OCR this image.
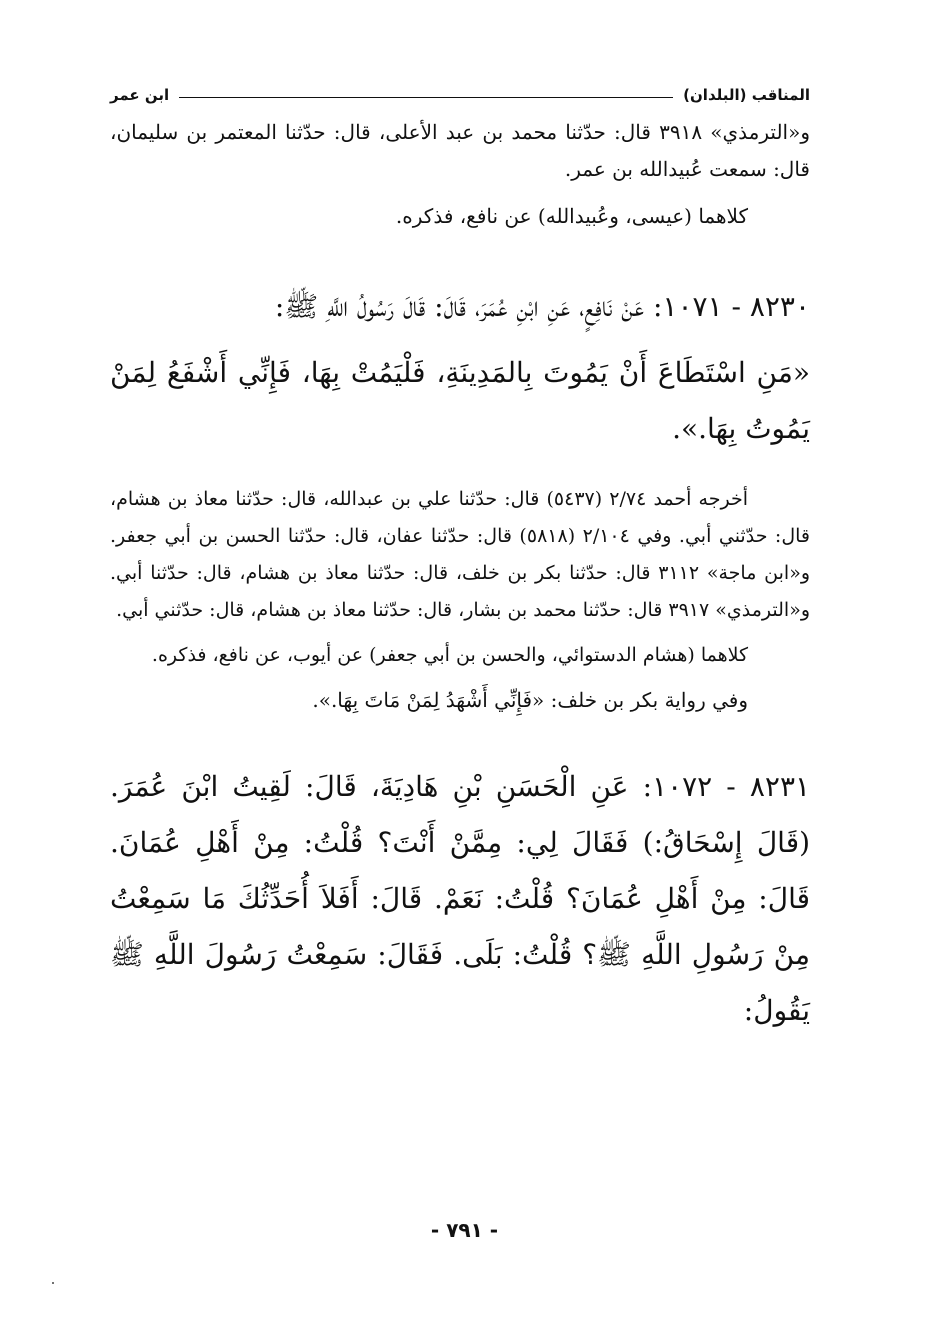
المناقب (البلدان)
ابن عمر

و«الترمذي» ٣٩١٨ قال: حدّثنا محمد بن عبد الأعلى، قال: حدّثنا المعتمر بن سليمان، قال: سمعت عُبيدالله بن عمر.

كلاهما (عيسى، وعُبيدالله) عن نافع، فذكره.

٨٢٣٠ - ١٠٧١: عَنْ نَافِعٍ، عَنِ ابْنِ عُمَرَ، قَالَ: قَالَ رَسُولُ اللَّهِ ﷺ:

«مَنِ اسْتَطَاعَ أَنْ يَمُوتَ بِالمَدِينَةِ، فَلْيَمُتْ بِهَا، فَإِنِّي أَشْفَعُ لِمَنْ يَمُوتُ بِهَا.».

أخرجه أحمد ٢/٧٤ (٥٤٣٧) قال: حدّثنا علي بن عبدالله، قال: حدّثنا معاذ بن هشام، قال: حدّثني أبي. وفي ٢/١٠٤ (٥٨١٨) قال: حدّثنا عفان، قال: حدّثنا الحسن بن أبي جعفر. و«ابن ماجة» ٣١١٢ قال: حدّثنا بكر بن خلف، قال: حدّثنا معاذ بن هشام، قال: حدّثنا أبي. و«الترمذي» ٣٩١٧ قال: حدّثنا محمد بن بشار، قال: حدّثنا معاذ بن هشام، قال: حدّثني أبي.

كلاهما (هشام الدستوائي، والحسن بن أبي جعفر) عن أيوب، عن نافع، فذكره.

وفي رواية بكر بن خلف: «فَإِنِّي أَشْهَدُ لِمَنْ مَاتَ بِهَا.».

٨٢٣١ - ١٠٧٢: عَنِ الْحَسَنِ بْنِ هَادِيَةَ، قَالَ: لَقِيتُ ابْنَ عُمَرَ. (قَالَ إِسْحَاقُ:) فَقَالَ لِي: مِمَّنْ أَنْتَ؟ قُلْتُ: مِنْ أَهْلِ عُمَانَ. قَالَ: مِنْ أَهْلِ عُمَانَ؟ قُلْتُ: نَعَمْ. قَالَ: أَفَلاَ أُحَدِّثُكَ مَا سَمِعْتُ مِنْ رَسُولِ اللَّهِ ﷺ؟ قُلْتُ: بَلَى. فَقَالَ: سَمِعْتُ رَسُولَ اللَّهِ ﷺ يَقُولُ:

- ٧٩١ -
